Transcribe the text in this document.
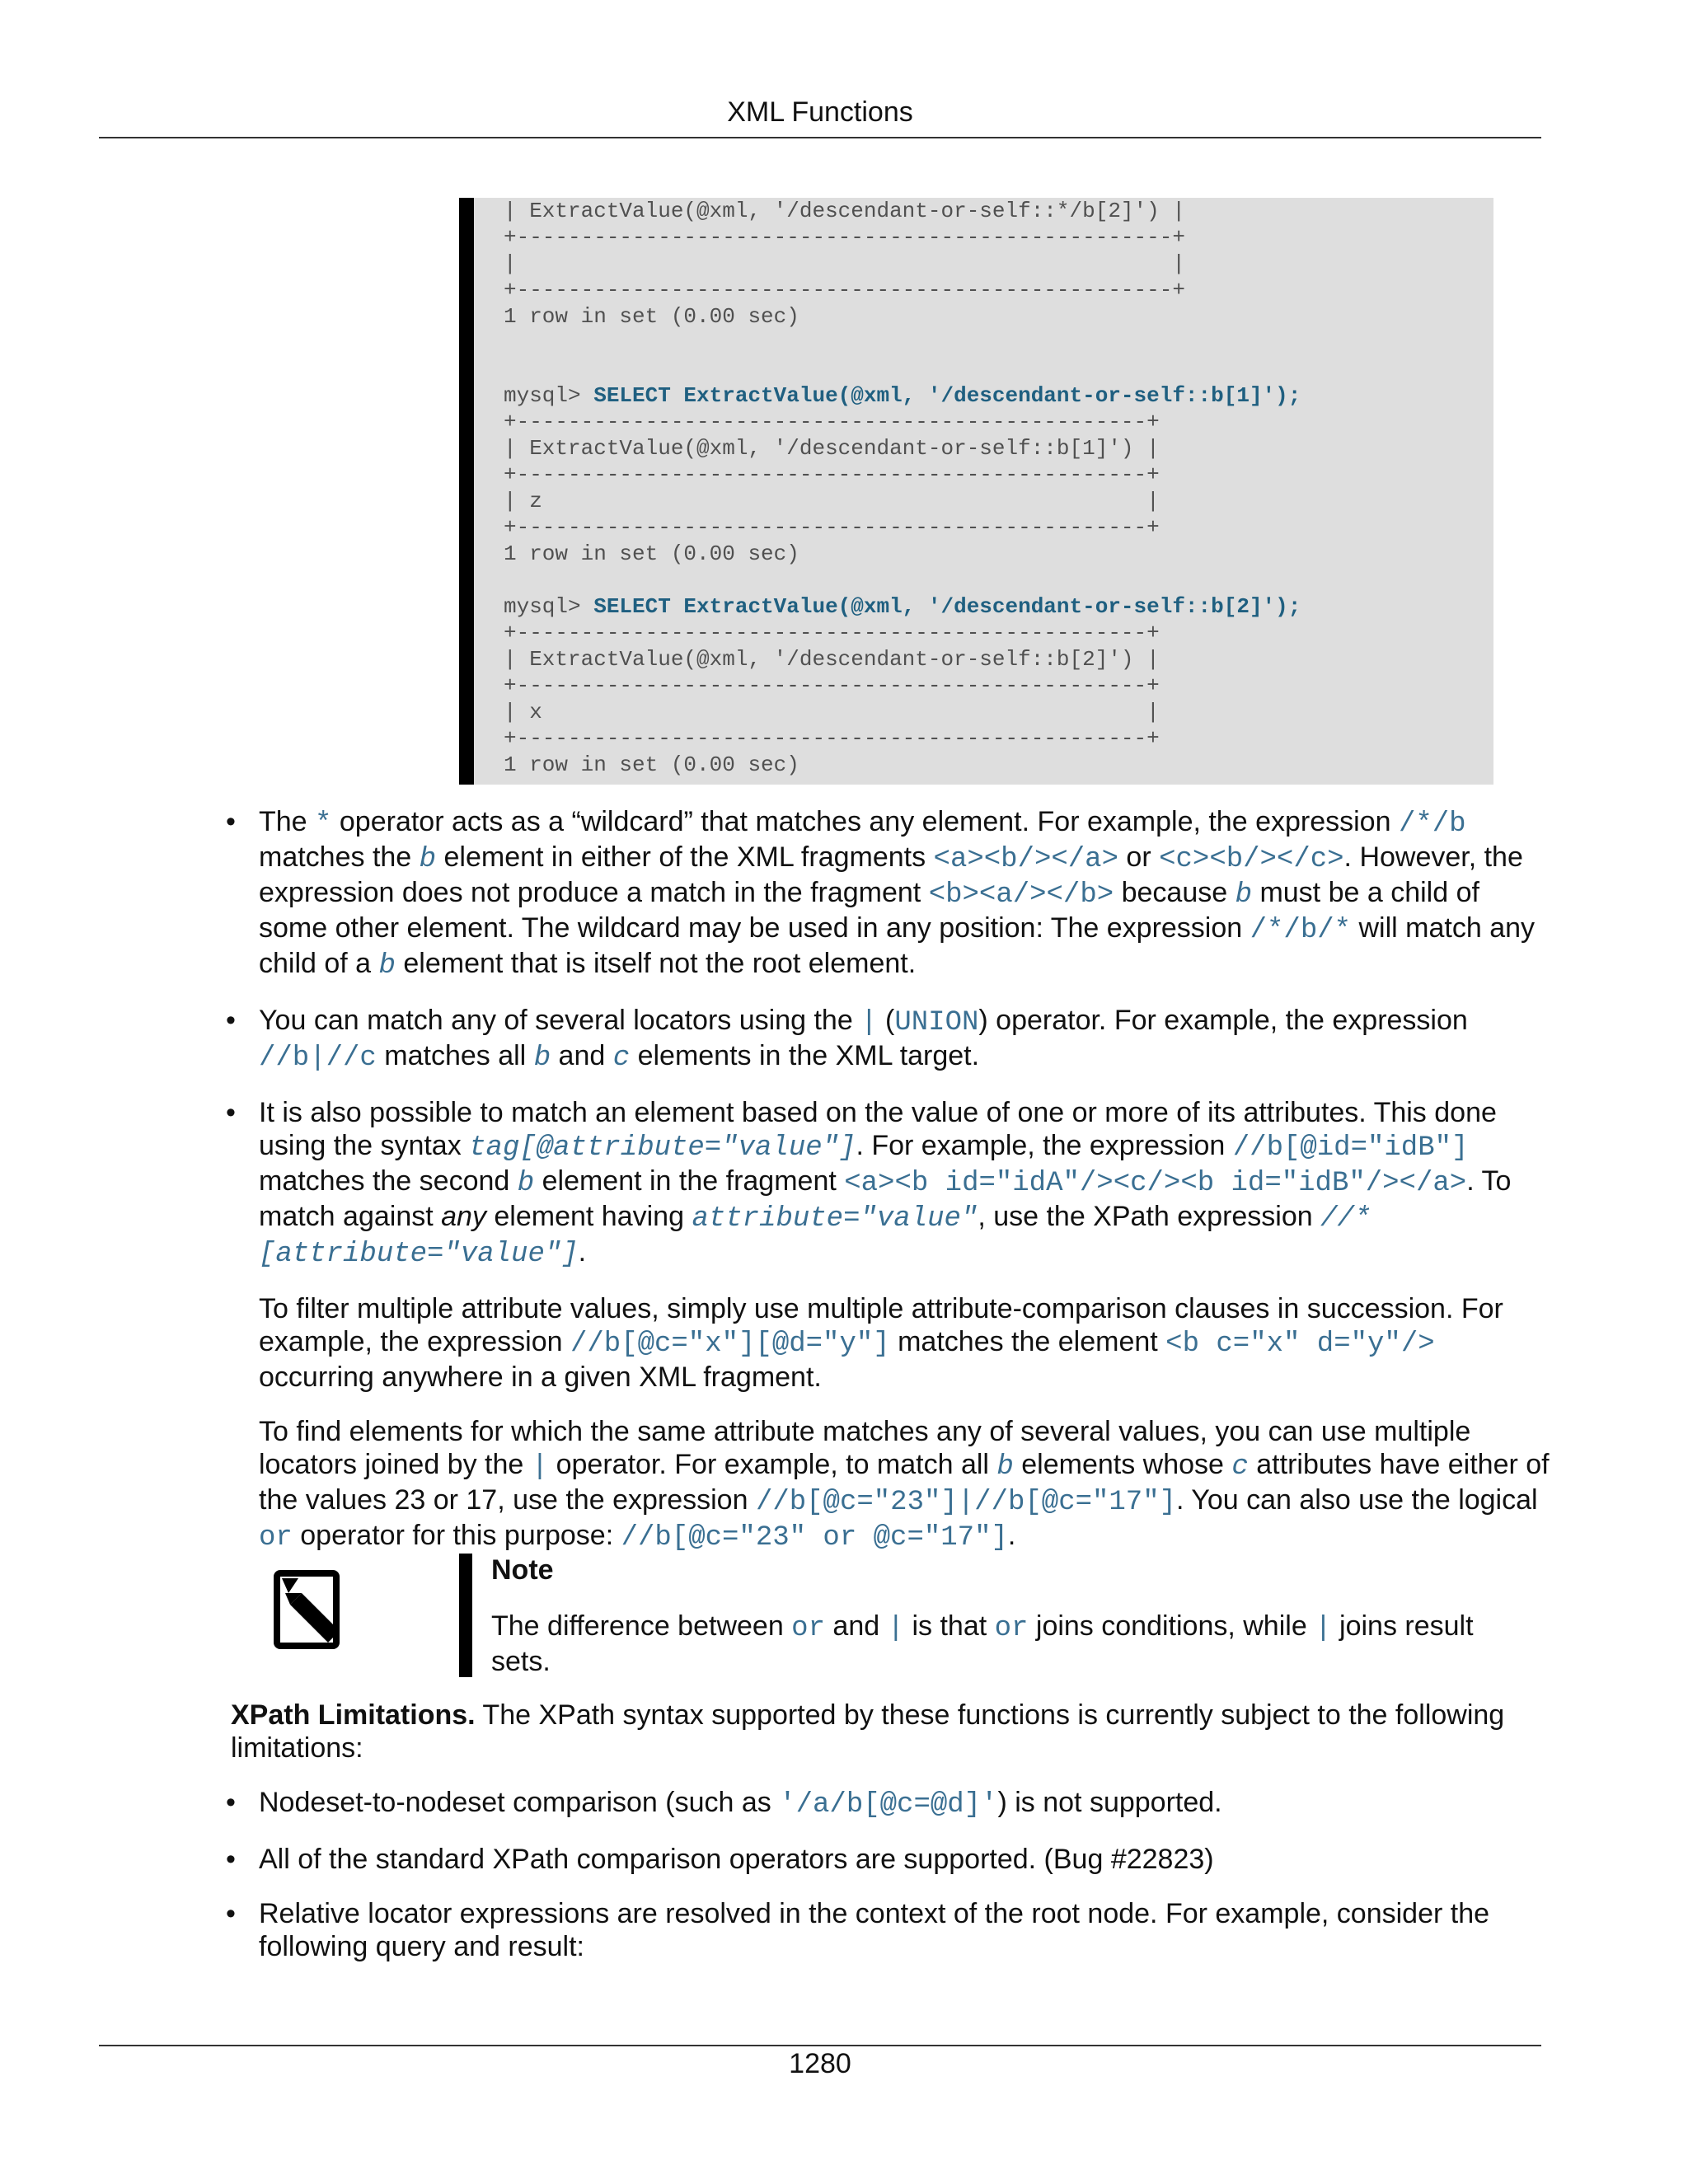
XML Functions
| ExtractValue(@xml, '/descendant-or-self::*/b[2]') |
+---------------------------------------------------+
|                                                   |
+---------------------------------------------------+
1 row in set (0.00 sec)
mysql> SELECT ExtractValue(@xml, '/descendant-or-self::b[1]');
+-------------------------------------------------+
| ExtractValue(@xml, '/descendant-or-self::b[1]') |
+-------------------------------------------------+
| z                                               |
+-------------------------------------------------+
1 row in set (0.00 sec)
mysql> SELECT ExtractValue(@xml, '/descendant-or-self::b[2]');
+-------------------------------------------------+
| ExtractValue(@xml, '/descendant-or-self::b[2]') |
+-------------------------------------------------+
| x                                               |
+-------------------------------------------------+
1 row in set (0.00 sec)
• The * operator acts as a “wildcard” that matches any element. For example, the expression /*/b matches the b element in either of the XML fragments <a><b/></a> or <c><b/></c>. However, the expression does not produce a match in the fragment <b><a/></b> because b must be a child of some other element. The wildcard may be used in any position: The expression /*/b/* will match any child of a b element that is itself not the root element.
• You can match any of several locators using the | (UNION) operator. For example, the expression //b|//c matches all b and c elements in the XML target.
• It is also possible to match an element based on the value of one or more of its attributes. This done using the syntax tag[@attribute="value"]. For example, the expression //b[@id="idB"] matches the second b element in the fragment <a><b id="idA"/><c/><b id="idB"/></a>. To match against any element having attribute="value", use the XPath expression //*[attribute="value"].

To filter multiple attribute values, simply use multiple attribute-comparison clauses in succession. For example, the expression //b[@c="x"][@d="y"] matches the element <b c="x" d="y"/> occurring anywhere in a given XML fragment.

To find elements for which the same attribute matches any of several values, you can use multiple locators joined by the | operator. For example, to match all b elements whose c attributes have either of the values 23 or 17, use the expression //b[@c="23"]|//b[@c="17"]. You can also use the logical or operator for this purpose: //b[@c="23" or @c="17"].

Note
The difference between or and | is that or joins conditions, while | joins result sets.

XPath Limitations. The XPath syntax supported by these functions is currently subject to the following limitations:

• Nodeset-to-nodeset comparison (such as '/a/b[@c=@d]') is not supported.
• All of the standard XPath comparison operators are supported. (Bug #22823)
• Relative locator expressions are resolved in the context of the root node. For example, consider the following query and result:
1280
